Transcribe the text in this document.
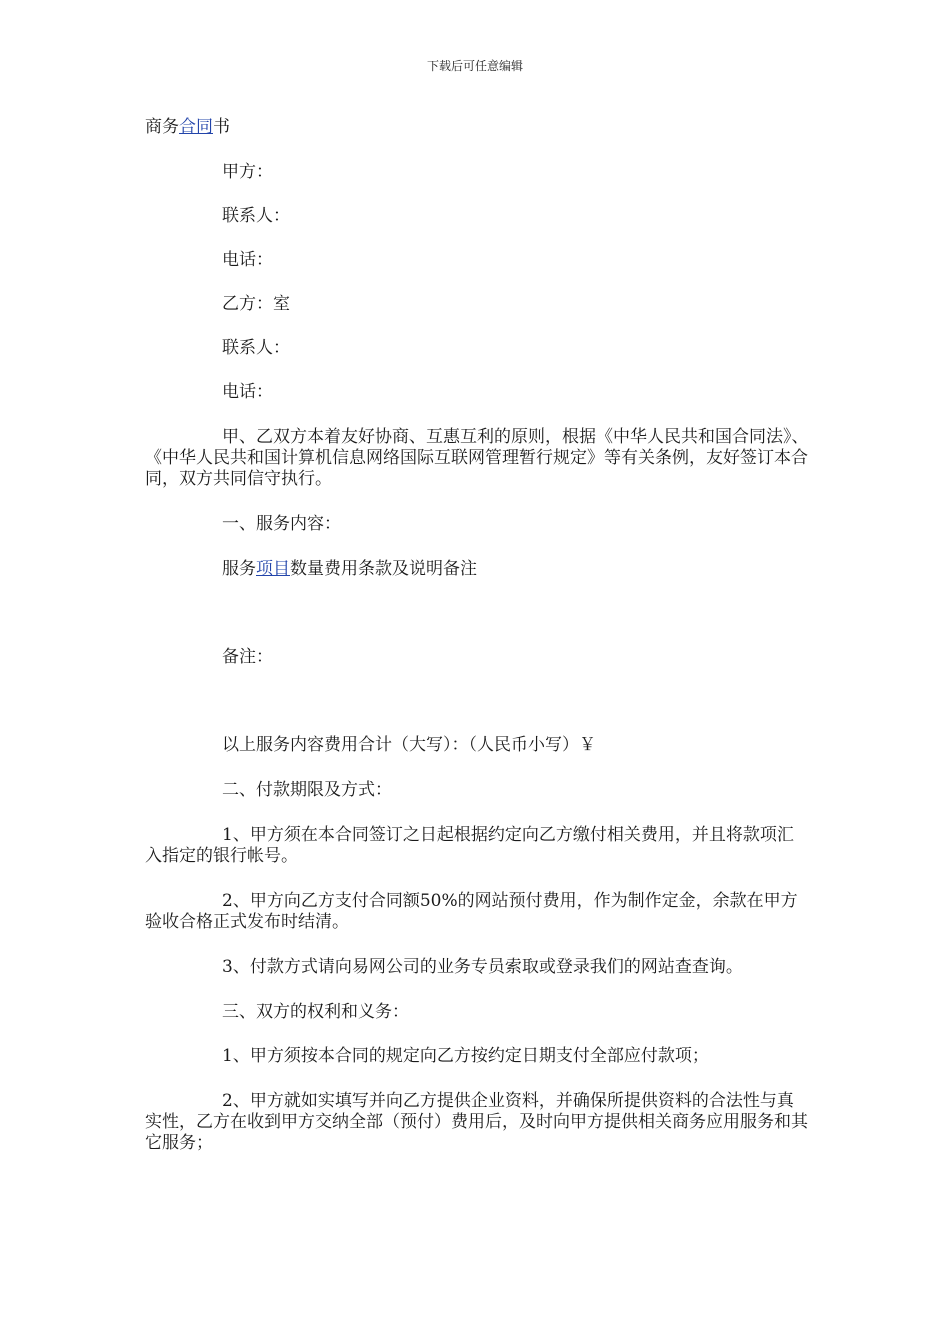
下载后可任意编辑
商务合同书
甲方：
联系人：
电话：
乙方：室
联系人：
电话：
甲、乙双方本着友好协商、互惠互利的原则，根据《中华人民共和国合同法》、《中华人民共和国计算机信息网络国际互联网管理暂行规定》等有关条例，友好签订本合同，双方共同信守执行。
一、服务内容：
服务项目数量费用条款及说明备注
备注：
以上服务内容费用合计（大写）：（人民币小写）￥
二、付款期限及方式：
1、甲方须在本合同签订之日起根据约定向乙方缴付相关费用，并且将款项汇入指定的银行帐号。
2、甲方向乙方支付合同额50%的网站预付费用，作为制作定金，余款在甲方验收合格正式发布时结清。
3、付款方式请向易网公司的业务专员索取或登录我们的网站查查询。
三、双方的权利和义务：
1、甲方须按本合同的规定向乙方按约定日期支付全部应付款项；
2、甲方就如实填写并向乙方提供企业资料，并确保所提供资料的合法性与真实性，乙方在收到甲方交纳全部（预付）费用后，及时向甲方提供相关商务应用服务和其它服务；
